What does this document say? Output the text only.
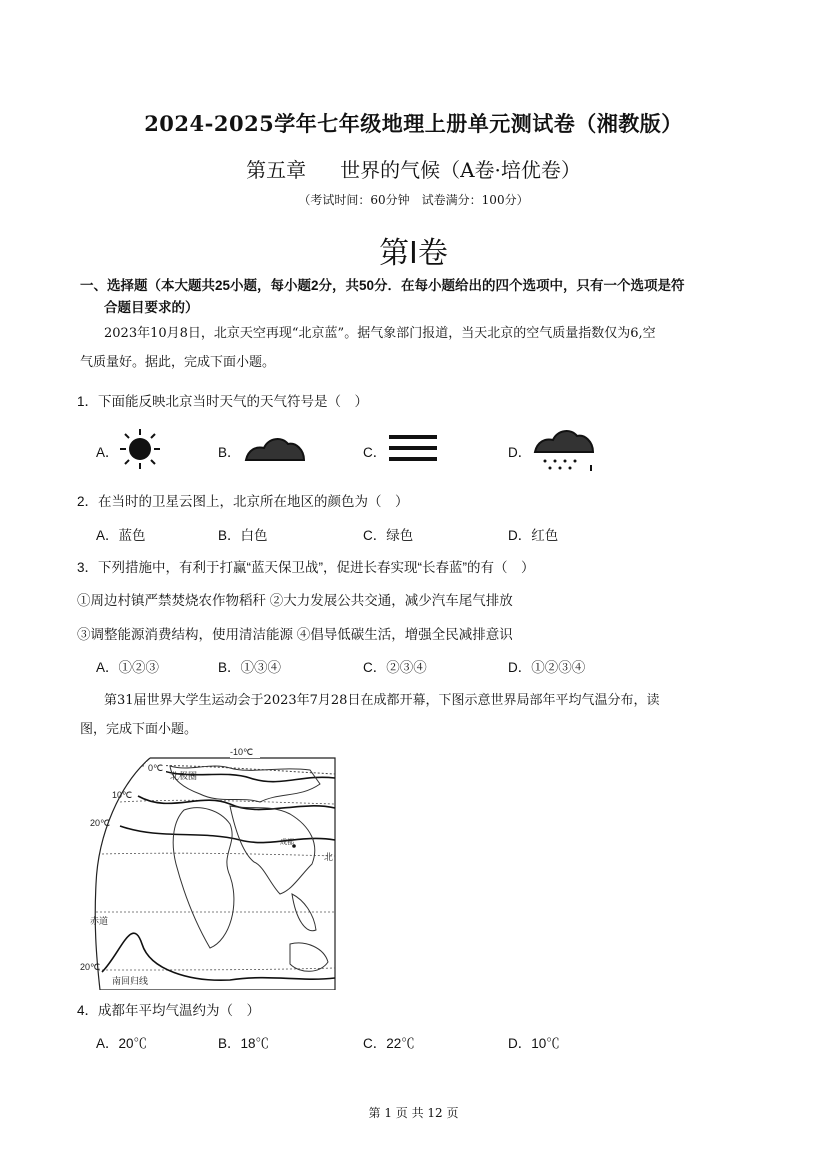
2024-2025学年七年级地理上册单元测试卷（湘教版）
第五章 世界的气候（A卷·培优卷）
（考试时间：60分钟　试卷满分：100分）
第Ⅰ卷
一、选择题（本大题共25小题，每小题2分，共50分．在每小题给出的四个选项中，只有一个选项是符
合题目要求的）
2023年10月8日，北京天空再现“北京蓝”。据气象部门报道，当天北京的空气质量指数仅为6,空
气质量好。据此，完成下面小题。
1．下面能反映北京当时天气的天气符号是（　）
A．	B．	C．	D．
2．在当时的卫星云图上，北京所在地区的颜色为（　）
A．蓝色	B．白色	C．绿色	D．红色
3．下列措施中，有利于打赢“蓝天保卫战”，促进长春实现“长春蓝”的有（　）
①周边村镇严禁焚烧农作物稻秆 ②大力发展公共交通，减少汽车尾气排放
③调整能源消费结构，使用清洁能源 ④倡导低碳生活，增强全民减排意识
A．①②③	B．①③④	C．②③④	D．①②③④
第31届世界大学生运动会于2023年7月28日在成都开幕，下图示意世界局部年平均气温分布，读
图，完成下面小题。
-10℃
0℃
北极圈
10℃
20℃
成都
北
赤道
20℃
南回归线
4．成都年平均气温约为（　）
A．20℃	B．18℃	C．22℃	D．10℃
第 1 页 共 12 页
